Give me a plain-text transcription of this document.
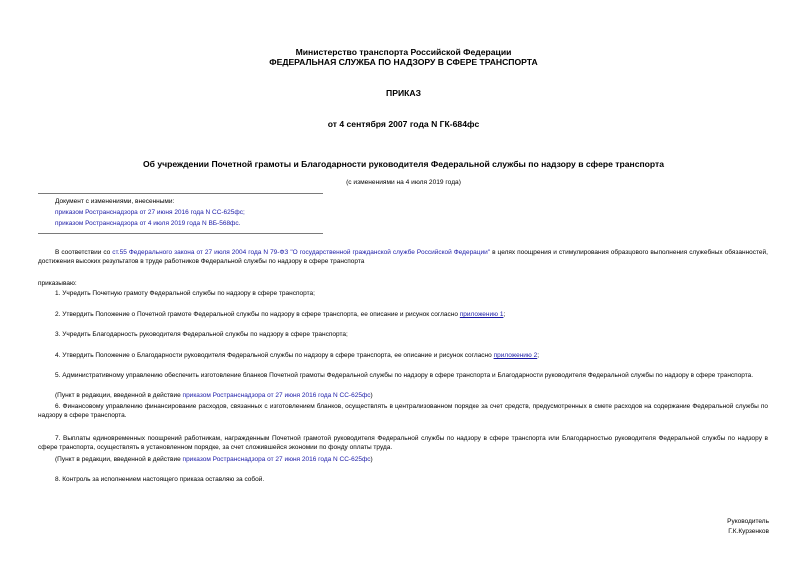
Министерство транспорта Российской Федерации
ФЕДЕРАЛЬНАЯ СЛУЖБА ПО НАДЗОРУ В СФЕРЕ ТРАНСПОРТА
ПРИКАЗ
от 4 сентября 2007 года N ГК-684фс
Об учреждении Почетной грамоты и Благодарности руководителя Федеральной службы по надзору в сфере транспорта
(с изменениями на 4 июля 2019 года)
Документ с изменениями, внесенными:
приказом Ространснадзора от 27 июня 2016 года N СС-625фс;
приказом Ространснадзора от 4 июля 2019 года N ВБ-568фс.
В соответствии со ст.55 Федерального закона от 27 июля 2004 года N 79-ФЗ "О государственной гражданской службе Российской Федерации" в целях поощрения и стимулирования образцового выполнения служебных обязанностей, достижения высоких результатов в труде работников Федеральной службы по надзору в сфере транспорта
приказываю:
1. Учредить Почетную грамоту Федеральной службы по надзору в сфере транспорта;
2. Утвердить Положение о Почетной грамоте Федеральной службы по надзору в сфере транспорта, ее описание и рисунок согласно приложению 1;
3. Учредить Благодарность руководителя Федеральной службы по надзору в сфере транспорта;
4. Утвердить Положение о Благодарности руководителя Федеральной службы по надзору в сфере транспорта, ее описание и рисунок согласно приложению 2;
5. Административному управлению обеспечить изготовление бланков Почетной грамоты Федеральной службы по надзору в сфере транспорта и Благодарности руководителя Федеральной службы по надзору в сфере транспорта.
(Пункт в редакции, введенной в действие приказом Ространснадзора от 27 июня 2016 года N СС-625фс)
6. Финансовому управлению финансирование расходов, связанных с изготовлением бланков, осуществлять в централизованном порядке за счет средств, предусмотренных в смете расходов на содержание Федеральной службы по надзору в сфере транспорта.
7. Выплаты единовременных поощрений работникам, награжденным Почетной грамотой руководителя Федеральной службы по надзору в сфере транспорта или Благодарностью руководителя Федеральной службы по надзору в сфере транспорта, осуществлять в установленном порядке, за счет сложившейся экономии по фонду оплаты труда.
(Пункт в редакции, введенной в действие приказом Ространснадзора от 27 июня 2016 года N СС-625фс)
8. Контроль за исполнением настоящего приказа оставляю за собой.
Руководитель
Г.К.Курзенков
